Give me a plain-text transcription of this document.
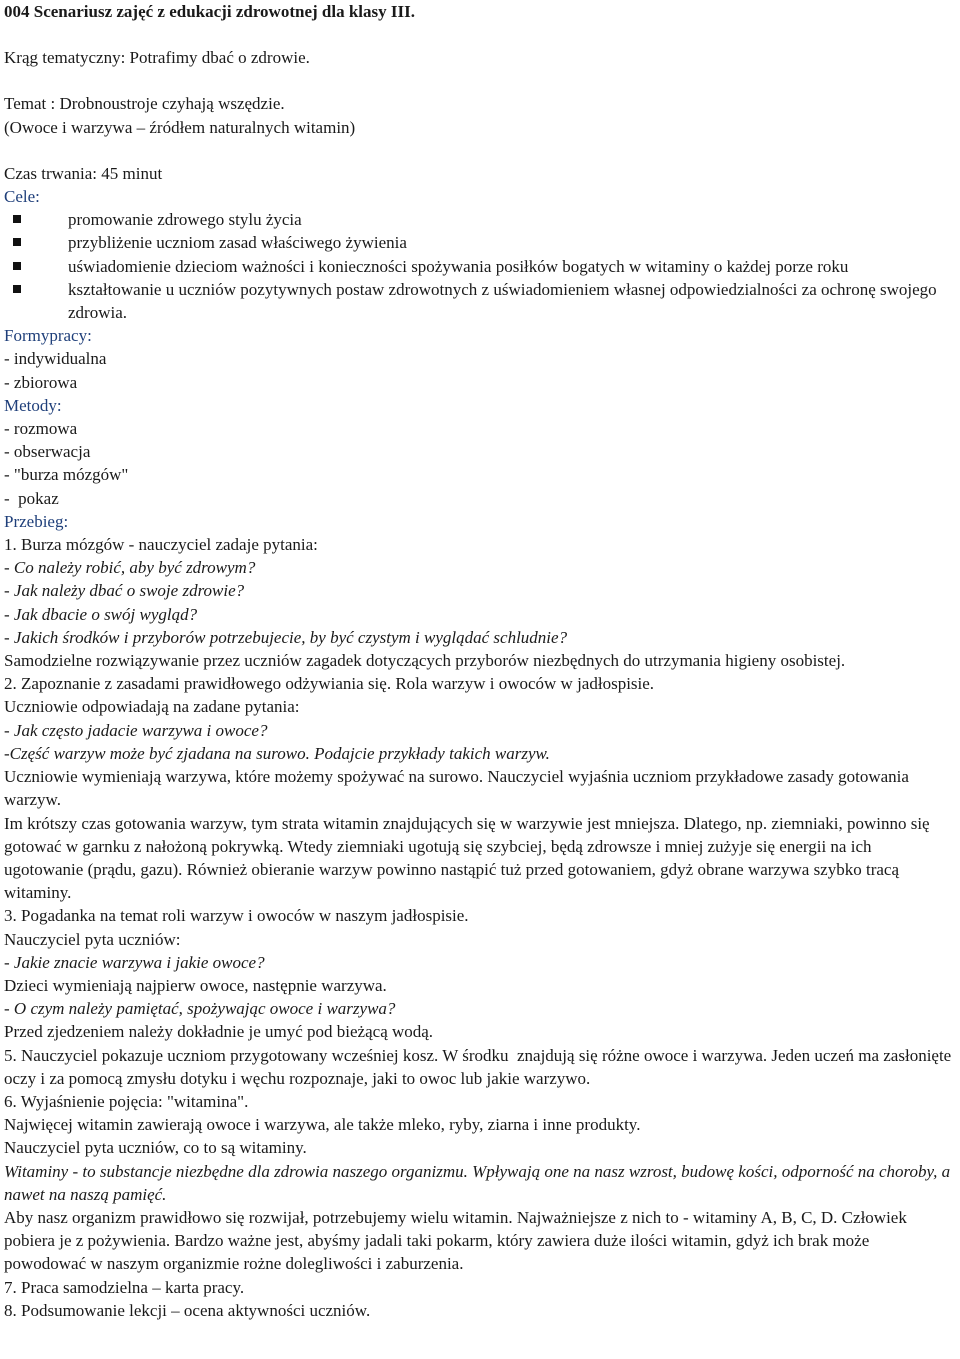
004 Scenariusz zajęć z edukacji zdrowotnej dla klasy III.
Krąg tematyczny: Potrafimy dbać o zdrowie.
Temat : Drobnoustroje czyhają wszędzie.
(Owoce i warzywa – źródłem naturalnych witamin)
Czas trwania: 45 minut
Cele:
promowanie zdrowego stylu życia
przybliżenie uczniom zasad właściwego żywienia
uświadomienie dzieciom ważności i konieczności spożywania posiłków bogatych w witaminy o każdej porze roku
kształtowanie u uczniów pozytywnych postaw zdrowotnych z uświadomieniem własnej odpowiedzialności za ochronę swojego zdrowia.
Formypracy:
- indywidualna
- zbiorowa
Metody:
- rozmowa
- obserwacja
- "burza mózgów"
-  pokaz
Przebieg:
1. Burza mózgów - nauczyciel zadaje pytania:
- Co należy robić, aby być zdrowym?
- Jak należy dbać o swoje zdrowie?
- Jak dbacie o swój wygląd?
- Jakich środków i przyborów potrzebujecie, by być czystym i wyglądać schludnie?
Samodzielne rozwiązywanie przez uczniów zagadek dotyczących przyborów niezbędnych do utrzymania higieny osobistej.
2. Zapoznanie z zasadami prawidłowego odżywiania się. Rola warzyw i owoców w jadłospisie.
Uczniowie odpowiadają na zadane pytania:
- Jak często jadacie warzywa i owoce?
-Część warzyw może być zjadana na surowo. Podajcie przykłady takich warzyw.
Uczniowie wymieniają warzywa, które możemy spożywać na surowo. Nauczyciel wyjaśnia uczniom przykładowe zasady gotowania warzyw.
Im krótszy czas gotowania warzyw, tym strata witamin znajdujących się w warzywie jest mniejsza. Dlatego, np. ziemniaki, powinno się gotować w garnku z nałożoną pokrywką. Wtedy ziemniaki ugotują się szybciej, będą zdrowsze i mniej zużyje się energii na ich ugotowanie (prądu, gazu). Również obieranie warzyw powinno nastąpić tuż przed gotowaniem, gdyż obrane warzywa szybko tracą witaminy.
3. Pogadanka na temat roli warzyw i owoców w naszym jadłospisie.
Nauczyciel pyta uczniów:
- Jakie znacie warzywa i jakie owoce?
Dzieci wymieniają najpierw owoce, następnie warzywa.
- O czym należy pamiętać, spożywając owoce i warzywa?
Przed zjedzeniem należy dokładnie je umyć pod bieżącą wodą.
5. Nauczyciel pokazuje uczniom przygotowany wcześniej kosz. W środku  znajdują się różne owoce i warzywa. Jeden uczeń ma zasłonięte oczy i za pomocą zmysłu dotyku i węchu rozpoznaje, jaki to owoc lub jakie warzywo.
6. Wyjaśnienie pojęcia: "witamina".
Najwięcej witamin zawierają owoce i warzywa, ale także mleko, ryby, ziarna i inne produkty.
Nauczyciel pyta uczniów, co to są witaminy.
Witaminy - to substancje niezbędne dla zdrowia naszego organizmu. Wpływają one na nasz wzrost, budowę kości, odporność na choroby, a nawet na naszą pamięć.
Aby nasz organizm prawidłowo się rozwijał, potrzebujemy wielu witamin. Najważniejsze z nich to - witaminy A, B, C, D. Człowiek pobiera je z pożywienia. Bardzo ważne jest, abyśmy jadali taki pokarm, który zawiera duże ilości witamin, gdyż ich brak może powodować w naszym organizmie rożne dolegliwości i zaburzenia.
7. Praca samodzielna – karta pracy.
8. Podsumowanie lekcji – ocena aktywności uczniów.
